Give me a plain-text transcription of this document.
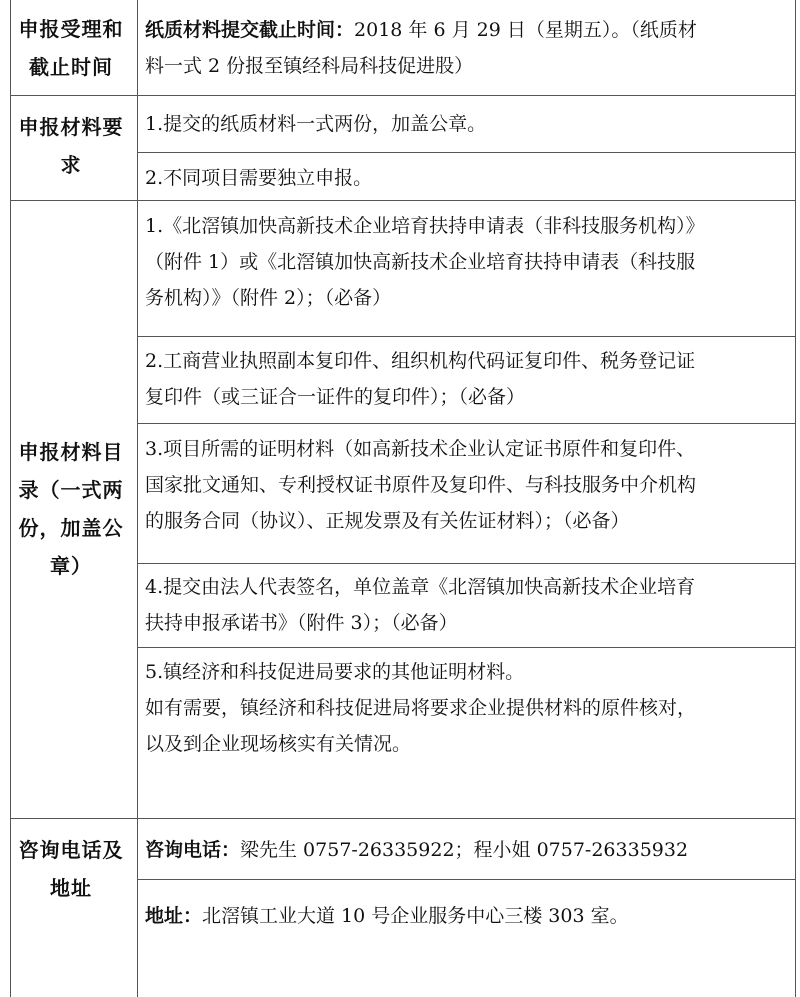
申报受理和
截止时间
纸质材料提交截止时间：2018 年 6 月 29 日（星期五）。（纸质材
料一式 2 份报至镇经科局科技促进股）
申报材料要
求
1.提交的纸质材料一式两份，加盖公章。
2.不同项目需要独立申报。
申报材料目
录（一式两
份，加盖公
章）
1.《北滘镇加快高新技术企业培育扶持申请表（非科技服务机构）》
（附件 1）或《北滘镇加快高新技术企业培育扶持申请表（科技服
务机构）》（附件 2）；（必备）
2.工商营业执照副本复印件、组织机构代码证复印件、税务登记证
复印件（或三证合一证件的复印件）；（必备）
3.项目所需的证明材料（如高新技术企业认定证书原件和复印件、
国家批文通知、专利授权证书原件及复印件、与科技服务中介机构
的服务合同（协议）、正规发票及有关佐证材料）；（必备）
4.提交由法人代表签名，单位盖章《北滘镇加快高新技术企业培育
扶持申报承诺书》（附件 3）；（必备）
5.镇经济和科技促进局要求的其他证明材料。
如有需要，镇经济和科技促进局将要求企业提供材料的原件核对，
以及到企业现场核实有关情况。
咨询电话及
地址
咨询电话：梁先生 0757-26335922；程小姐 0757-26335932
地址：北滘镇工业大道 10 号企业服务中心三楼 303 室。
